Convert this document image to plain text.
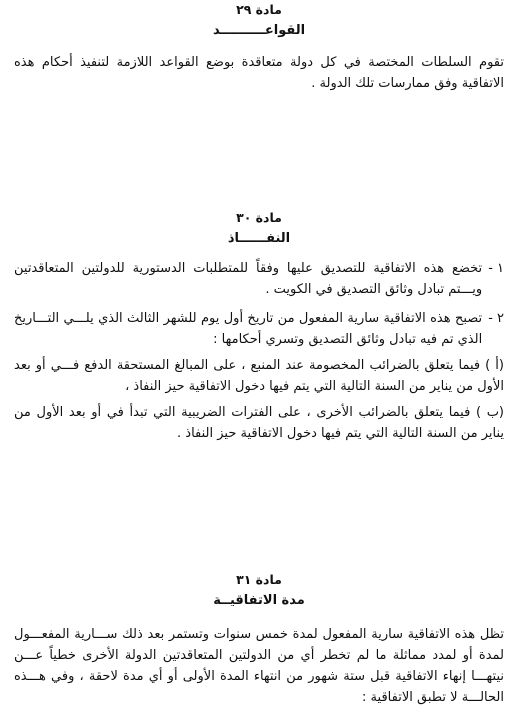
مادة ٢٩
القواعــــــــــد
تقوم السلطات المختصة في كل دولة متعاقدة بوضع القواعد اللازمة لتنفيذ أحكام هذه الاتفاقية وفق ممارسات تلك الدولة .
مادة ٣٠
النفــــــاذ
١ -
تخضع هذه الاتفاقية للتصديق عليها وفقاً للمتطلبات الدستورية للدولتين المتعاقدتين ويـــتم تبادل وثائق التصديق في الكويت .
٢ -
تصبح هذه الاتفاقية سارية المفعول من تاريخ أول يوم للشهر الثالث الذي يلـــي التـــاريخ الذي تم فيه تبادل وثائق التصديق وتسري أحكامها :
(أ ) فيما يتعلق بالضرائب المخصومة عند المنبع ، على المبالغ المستحقة الدفع فـــي أو بعد الأول من يناير من السنة التالية التي يتم فيها دخول الاتفاقية حيز النفاذ ،
(ب ) فيما يتعلق بالضرائب الأخرى ، على الفترات الضريبية التي تبدأ في أو بعد الأول من يناير من السنة التالية التي يتم فيها دخول الاتفاقية حيز النفاذ .
مادة ٣١
مدة الاتفاقيــة
تظل هذه الاتفاقية سارية المفعول لمدة خمس سنوات وتستمر بعد ذلك ســـارية المفعـــول لمدة أو لمدد مماثلة ما لم تخطر أي من الدولتين المتعاقدتين الدولة الأخرى خطياً عـــن نيتهـــا إنهاء الاتفاقية قبل ستة شهور من انتهاء المدة الأولى أو أي مدة لاحقة ، وفي هـــذه الحالـــة لا تطبق الاتفاقية :
